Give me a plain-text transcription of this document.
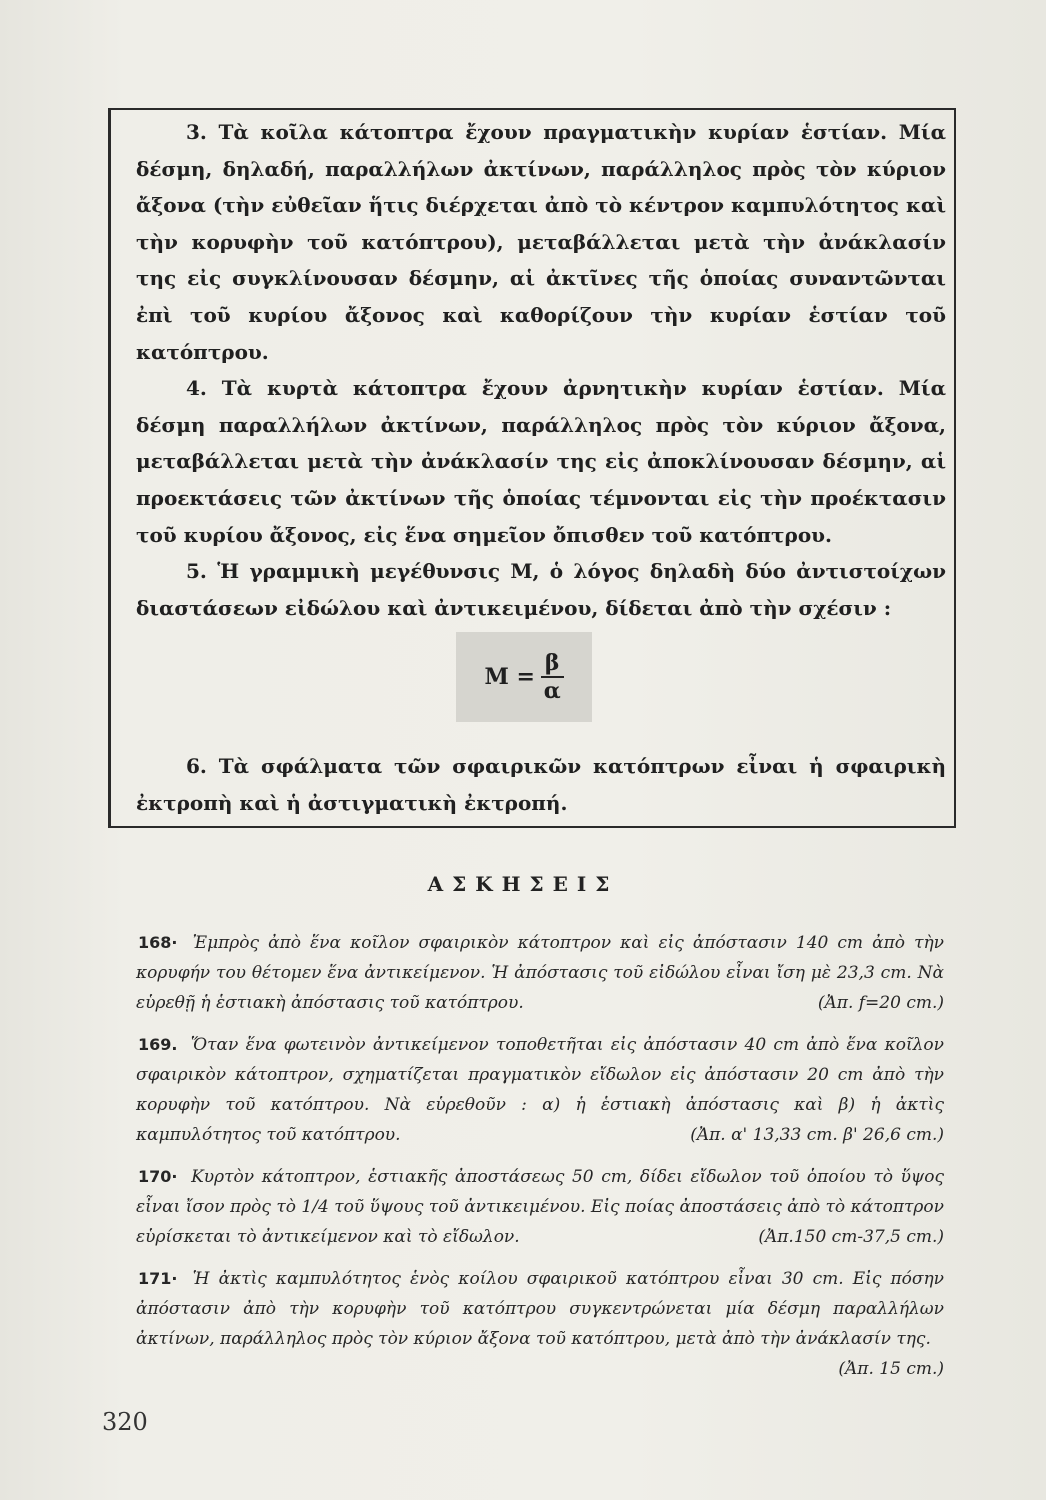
3. Τὰ κοῖλα κάτοπτρα ἔχουν πραγματικὴν κυρίαν ἑστίαν. Μία δέσμη, δηλαδή, παραλλήλων ἀκτίνων, παράλληλος πρὸς τὸν κύριον ἄξονα (τὴν εὐθεῖαν ἥτις διέρχεται ἀπὸ τὸ κέντρον καμπυλότητος καὶ τὴν κορυφὴν τοῦ κατόπτρου), μεταβάλλεται μετὰ τὴν ἀνάκλασίν της εἰς συγκλίνουσαν δέσμην, αἱ ἀκτῖνες τῆς ὁποίας συναντῶνται ἐπὶ τοῦ κυρίου ἄξονος καὶ καθορίζουν τὴν κυρίαν ἑστίαν τοῦ κατόπτρου.

4. Τὰ κυρτὰ κάτοπτρα ἔχουν ἀρνητικὴν κυρίαν ἑστίαν. Μία δέσμη παραλλήλων ἀκτίνων, παράλληλος πρὸς τὸν κύριον ἄξονα, μεταβάλλεται μετὰ τὴν ἀνάκλασίν της εἰς ἀποκλίνουσαν δέσμην, αἱ προεκτάσεις τῶν ἀκτίνων τῆς ὁποίας τέμνονται εἰς τὴν προέκτασιν τοῦ κυρίου ἄξονος, εἰς ἕνα σημεῖον ὄπισθεν τοῦ κατόπτρου.

5. Ἡ γραμμικὴ μεγέθυνσις Μ, ὁ λόγος δηλαδὴ δύο ἀντιστοίχων διαστάσεων εἰδώλου καὶ ἀντικειμένου, δίδεται ἀπὸ τὴν σχέσιν :

$M = \frac{\beta}{\alpha}$

6. Τὰ σφάλματα τῶν σφαιρικῶν κατόπτρων εἶναι ἡ σφαιρικὴ ἐκτροπὴ καὶ ἡ ἀστιγματικὴ ἐκτροπή.

ΑΣΚΗΣΕΙΣ

168· Ἐμπρὸς ἀπὸ ἕνα κοῖλον σφαιρικὸν κάτοπτρον καὶ εἰς ἀπόστασιν 140 cm ἀπὸ τὴν κορυφήν του θέτομεν ἕνα ἀντικείμενον. Ἡ ἀπόστασις τοῦ εἰδώλου εἶναι ἴση μὲ 23,3 cm. Νὰ εὑρεθῇ ἡ ἑστιακὴ ἀπόστασις τοῦ κατόπτρου.	(Ἀπ. f=20 cm.)

169. Ὅταν ἕνα φωτεινὸν ἀντικείμενον τοποθετῆται εἰς ἀπόστασιν 40 cm ἀπὸ ἕνα κοῖλον σφαιρικὸν κάτοπτρον, σχηματίζεται πραγματικὸν εἴδωλον εἰς ἀπόστασιν 20 cm ἀπὸ τὴν κορυφὴν τοῦ κατόπτρου. Νὰ εὑρεθοῦν : α) ἡ ἑστιακὴ ἀπόστασις καὶ β) ἡ ἀκτὶς καμπυλότητος τοῦ κατόπτρου.	(Ἀπ. α' 13,33 cm. β' 26,6 cm.)

170· Κυρτὸν κάτοπτρον, ἑστιακῆς ἀποστάσεως 50 cm, δίδει εἴδωλον τοῦ ὁποίου τὸ ὕψος εἶναι ἴσον πρὸς τὸ 1/4 τοῦ ὕψους τοῦ ἀντικειμένου. Εἰς ποίας ἀποστάσεις ἀπὸ τὸ κάτοπτρον εὑρίσκεται τὸ ἀντικείμενον καὶ τὸ εἴδωλον.	(Ἀπ.150 cm-37,5 cm.)

171· Ἡ ἀκτὶς καμπυλότητος ἑνὸς κοίλου σφαιρικοῦ κατόπτρου εἶναι 30 cm. Εἰς πόσην ἀπόστασιν ἀπὸ τὴν κορυφὴν τοῦ κατόπτρου συγκεντρώνεται μία δέσμη παραλλήλων ἀκτίνων, παράλληλος πρὸς τὸν κύριον ἄξονα τοῦ κατόπτρου, μετὰ ἀπὸ τὴν ἀνάκλασίν της.
(Ἀπ. 15 cm.)

320
